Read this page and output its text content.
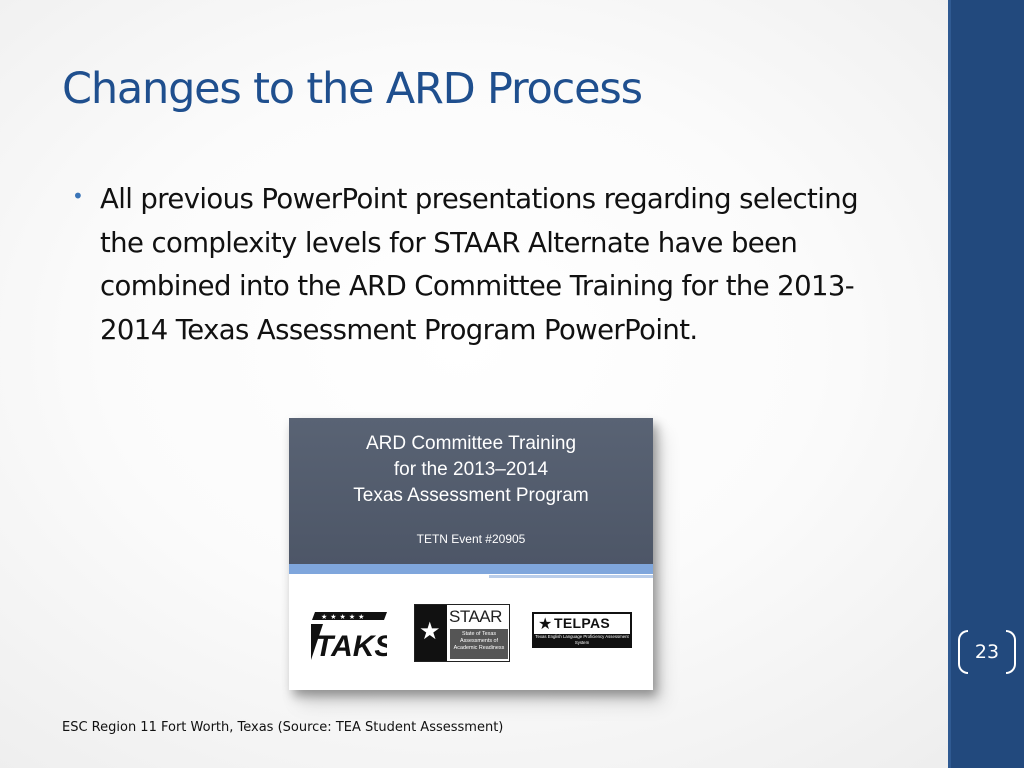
23
Changes to the ARD Process
• All previous PowerPoint presentations regarding selecting the complexity levels for STAAR Alternate have been combined into the ARD Committee Training for the 2013-2014 Texas Assessment Program PowerPoint.

ARD Committee Training
for the 2013–2014
Texas Assessment Program
TETN Event #20905
★★★★★
TAKS ★
STAAR
State of Texas Assessments of Academic Readiness
★ TELPAS
Texas English Language Proficiency Assessment System
ESC Region 11 Fort Worth, Texas (Source: TEA Student Assessment)
